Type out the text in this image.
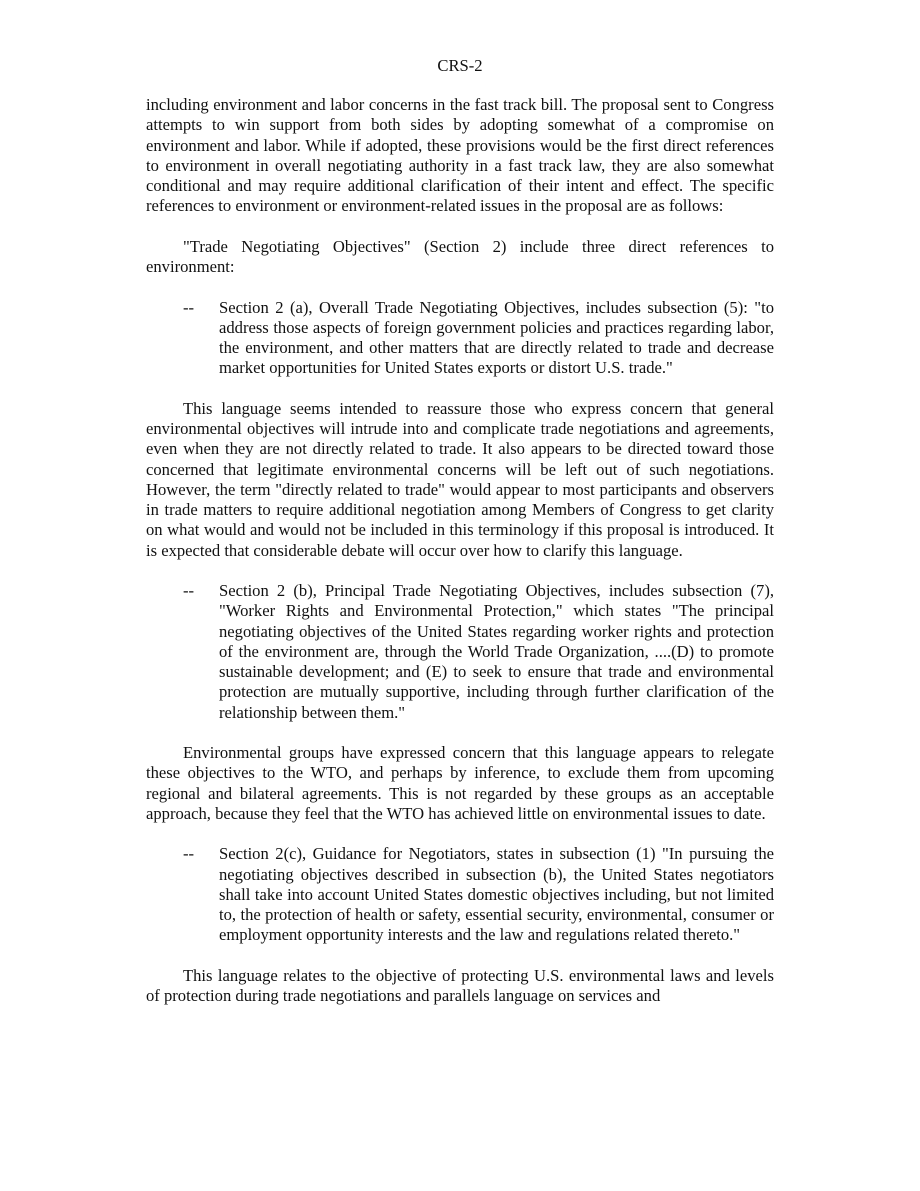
CRS-2

including environment and labor concerns in the fast track bill. The proposal sent to Congress attempts to win support from both sides by adopting somewhat of a compromise on environment and labor. While if adopted, these provisions would be the first direct references to environment in overall negotiating authority in a fast track law, they are also somewhat conditional and may require additional clarification of their intent and effect. The specific references to environment or environment-related issues in the proposal are as follows:

"Trade Negotiating Objectives" (Section 2) include three direct references to environment:

-- Section 2 (a), Overall Trade Negotiating Objectives, includes subsection (5): "to address those aspects of foreign government policies and practices regarding labor, the environment, and other matters that are directly related to trade and decrease market opportunities for United States exports or distort U.S. trade."

This language seems intended to reassure those who express concern that general environmental objectives will intrude into and complicate trade negotiations and agreements, even when they are not directly related to trade. It also appears to be directed toward those concerned that legitimate environmental concerns will be left out of such negotiations. However, the term "directly related to trade" would appear to most participants and observers in trade matters to require additional negotiation among Members of Congress to get clarity on what would and would not be included in this terminology if this proposal is introduced. It is expected that considerable debate will occur over how to clarify this language.

-- Section 2 (b), Principal Trade Negotiating Objectives, includes subsection (7), "Worker Rights and Environmental Protection," which states "The principal negotiating objectives of the United States regarding worker rights and protection of the environment are, through the World Trade Organization, ....(D) to promote sustainable development; and (E) to seek to ensure that trade and environmental protection are mutually supportive, including through further clarification of the relationship between them."

Environmental groups have expressed concern that this language appears to relegate these objectives to the WTO, and perhaps by inference, to exclude them from upcoming regional and bilateral agreements. This is not regarded by these groups as an acceptable approach, because they feel that the WTO has achieved little on environmental issues to date.

-- Section 2(c), Guidance for Negotiators, states in subsection (1) "In pursuing the negotiating objectives described in subsection (b), the United States negotiators shall take into account United States domestic objectives including, but not limited to, the protection of health or safety, essential security, environmental, consumer or employment opportunity interests and the law and regulations related thereto."

This language relates to the objective of protecting U.S. environmental laws and levels of protection during trade negotiations and parallels language on services and
